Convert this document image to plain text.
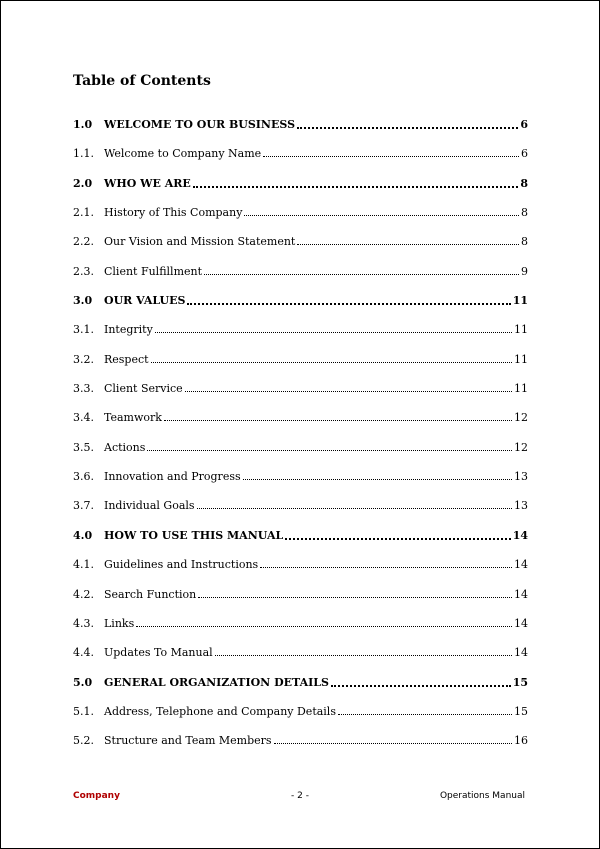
Table of Contents
1.0	WELCOME TO OUR BUSINESS	6
1.1. Welcome to Company Name	6
2.0	WHO WE ARE	8
2.1. History of This Company	8
2.2. Our Vision and Mission Statement	8
2.3. Client Fulfillment	9
3.0	OUR VALUES	11
3.1. Integrity	11
3.2. Respect	11
3.3. Client Service	11
3.4. Teamwork	12
3.5. Actions	12
3.6. Innovation and Progress	13
3.7. Individual Goals	13
4.0	HOW TO USE THIS MANUAL	14
4.1. Guidelines and Instructions	14
4.2. Search Function	14
4.3. Links	14
4.4. Updates To Manual	14
5.0	GENERAL ORGANIZATION DETAILS	15
5.1. Address, Telephone and Company Details	15
5.2. Structure and Team Members	16
Company	- 2 -	Operations Manual
